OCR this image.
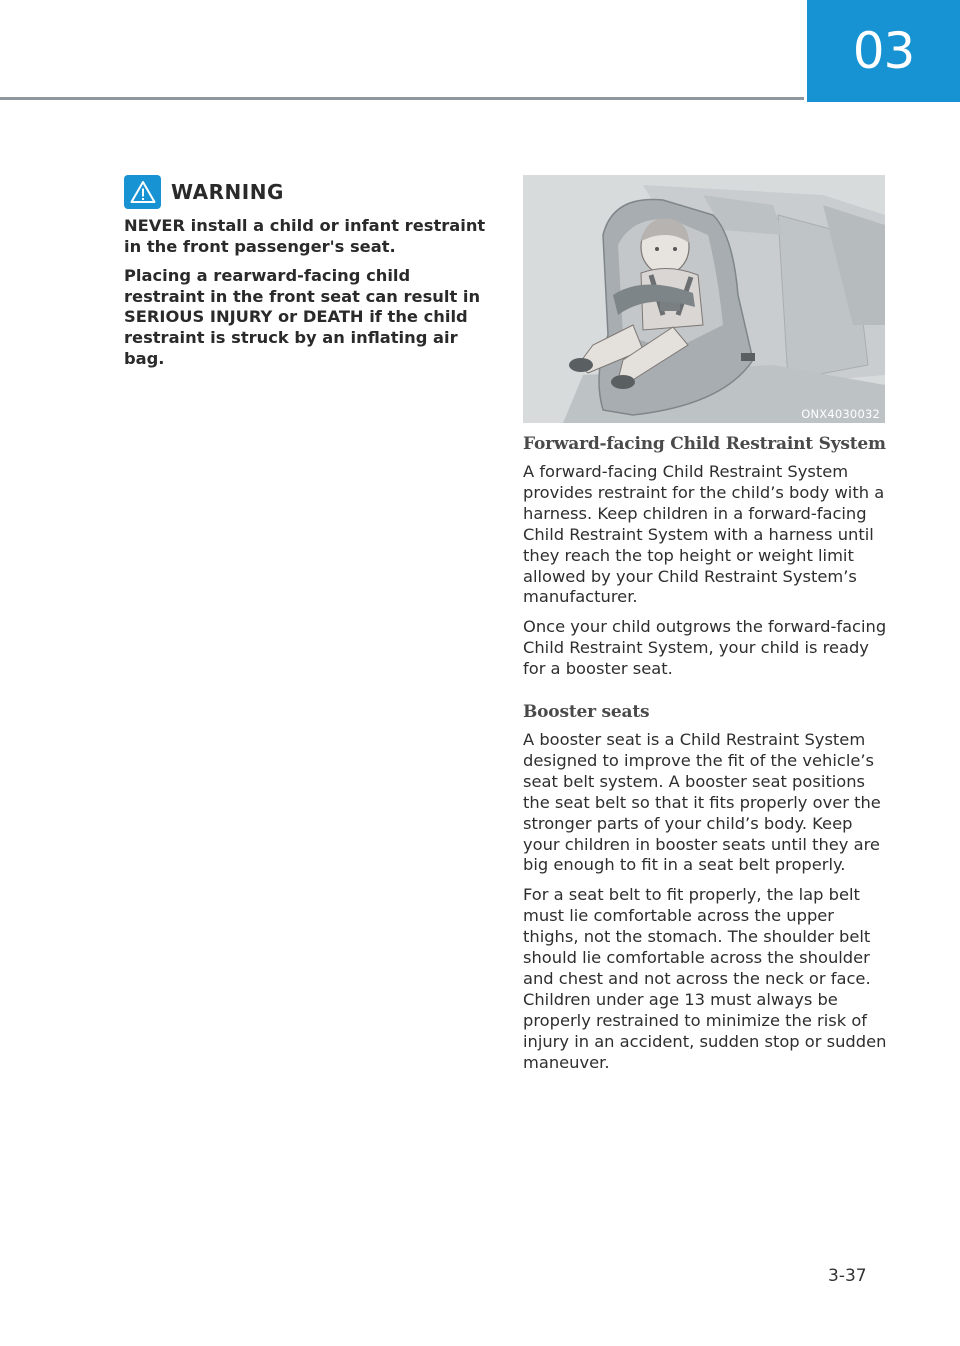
03
WARNING

NEVER install a child or infant restraint in the front passenger's seat.

Placing a rearward-facing child restraint in the front seat can result in SERIOUS INJURY or DEATH if the child restraint is struck by an inflating air bag.

ONX4030032
Forward-facing Child Restraint System

A forward-facing Child Restraint System provides restraint for the child’s body with a harness. Keep children in a forward-facing Child Restraint System with a harness until they reach the top height or weight limit allowed by your Child Restraint System’s manufacturer.

Once your child outgrows the forward-facing Child Restraint System, your child is ready for a booster seat.

Booster seats

A booster seat is a Child Restraint System designed to improve the fit of the vehicle’s seat belt system. A booster seat positions the seat belt so that it fits properly over the stronger parts of your child’s body. Keep your children in booster seats until they are big enough to fit in a seat belt properly.

For a seat belt to fit properly, the lap belt must lie comfortable across the upper thighs, not the stomach. The shoulder belt should lie comfortable across the shoulder and chest and not across the neck or face. Children under age 13 must always be properly restrained to minimize the risk of injury in an accident, sudden stop or sudden maneuver.

3-37
